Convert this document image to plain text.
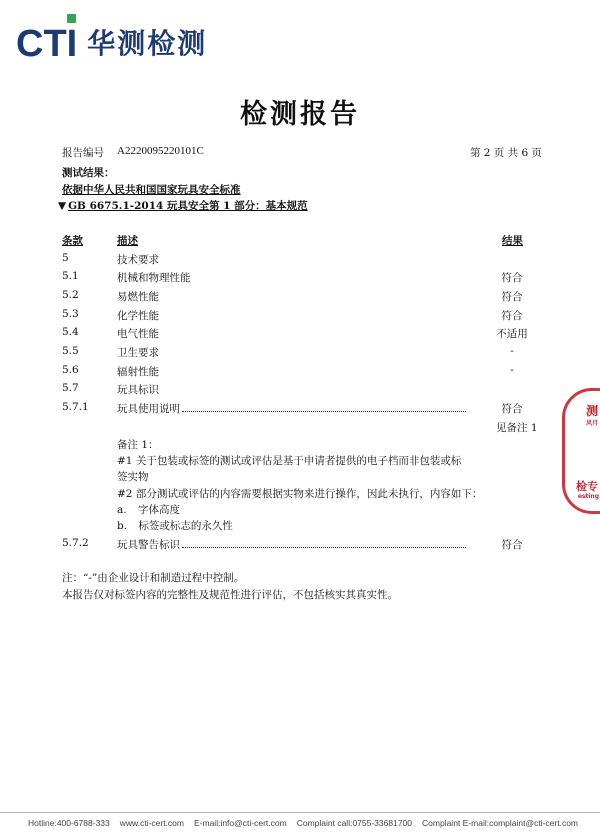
CTI 华测检测
检测报告
报告编号 A2220095220101C	第 2 页 共 6 页
测试结果：
依据中华人民共和国国家玩具安全标准
▼ GB 6675.1-2014 玩具安全第 1 部分：基本规范
条款	描述	结果
5	技术要求
5.1	机械和物理性能	符合
5.2	易燃性能	符合
5.3	化学性能	符合
5.4	电气性能	不适用
5.5	卫生要求	-
5.6	辐射性能	-
5.7	玩具标识
5.7.1	玩具使用说明	符合
见备注 1
备注 1：
#1 关于包装或标签的测试或评估是基于申请者提供的电子档而非包装或标
签实物
#2 部分测试或评估的内容需要根据实物来进行操作，因此未执行，内容如下：
a. 字体高度
b. 标签或标志的永久性
5.7.2	玩具警告标识	符合
注：“-”由企业设计和制造过程中控制。
本报告仅对标签内容的完整性及规范性进行评估，不包括核实其真实性。
测
风月
检专
esting
Hotline:400-6788-333 www.cti-cert.com E-mail:info@cti-cert.com Complaint call:0755-33681700 Complaint E-mail:complaint@cti-cert.com
